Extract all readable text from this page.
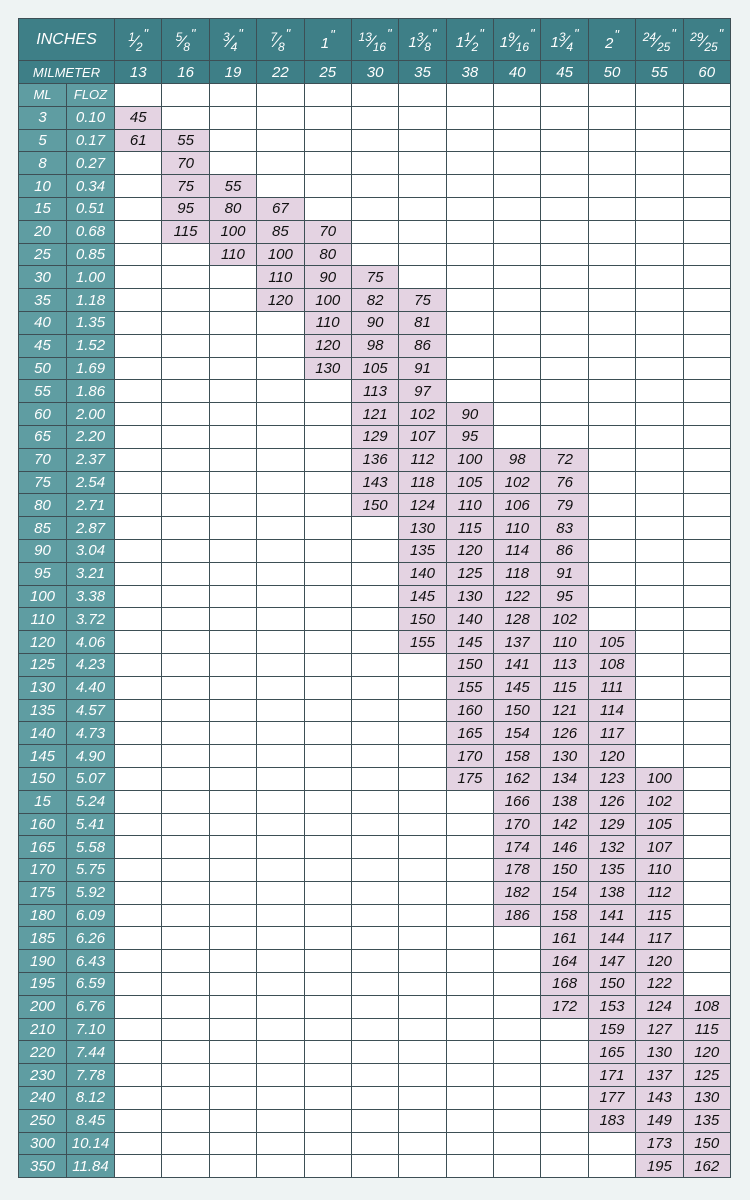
INCHES		$^1⁄_2$"	$^5⁄_8$"	$^3⁄_4$"	$^7⁄_8$"	1"	$^{13}⁄_{16}$"	$1^3⁄_8$"	$1^1⁄_2$"	$1^9⁄_{16}$"	$1^3⁄_4$"	2"	$^{24}⁄_{25}$"	$^{29}⁄_{25}$"
MILMETER		13	16	19	22	25	30	35	38	40	45	50	55	60
ML	FLOZ													
3	0.10	45												
5	0.17	61	55											
8	0.27		70											
10	0.34		75	55										
15	0.51		95	80	67									
20	0.68		115	100	85	70								
25	0.85			110	100	80								
30	1.00				110	90	75							
35	1.18				120	100	82	75						
40	1.35					110	90	81						
45	1.52					120	98	86						
50	1.69					130	105	91						
55	1.86						113	97						
60	2.00						121	102	90					
65	2.20						129	107	95					
70	2.37						136	112	100	98	72			
75	2.54						143	118	105	102	76			
80	2.71						150	124	110	106	79			
85	2.87							130	115	110	83			
90	3.04							135	120	114	86			
95	3.21							140	125	118	91			
100	3.38							145	130	122	95			
110	3.72							150	140	128	102			
120	4.06							155	145	137	110	105		
125	4.23								150	141	113	108		
130	4.40								155	145	115	111		
135	4.57								160	150	121	114		
140	4.73								165	154	126	117		
145	4.90								170	158	130	120		
150	5.07								175	162	134	123	100	
15	5.24									166	138	126	102	
160	5.41									170	142	129	105	
165	5.58									174	146	132	107	
170	5.75									178	150	135	110	
175	5.92									182	154	138	112	
180	6.09									186	158	141	115	
185	6.26										161	144	117	
190	6.43										164	147	120	
195	6.59										168	150	122	
200	6.76										172	153	124	108
210	7.10											159	127	115
220	7.44											165	130	120
230	7.78											171	137	125
240	8.12											177	143	130
250	8.45											183	149	135
300	10.14												173	150
350	11.84												195	162
